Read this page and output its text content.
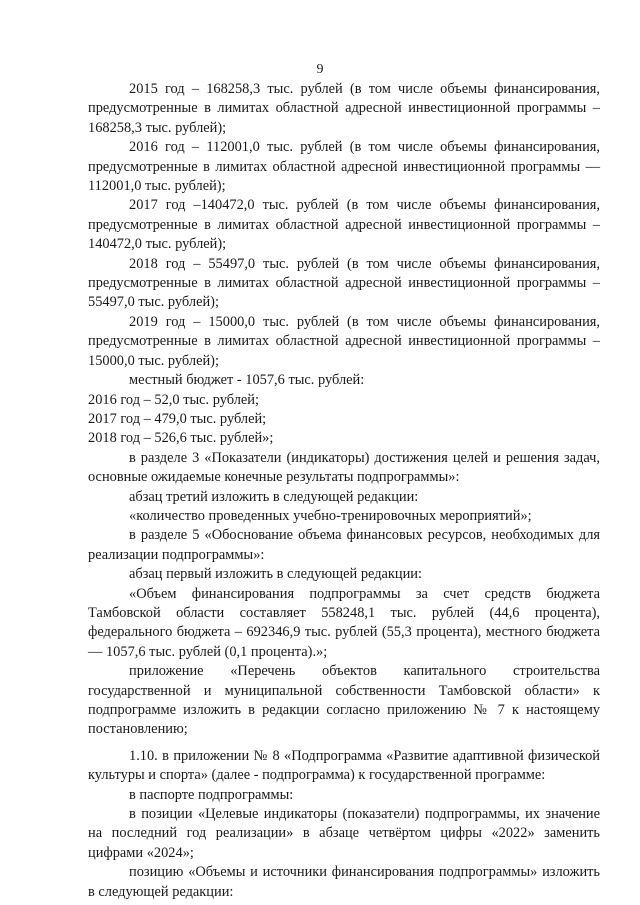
9

2015 год – 168258,3 тыс. рублей (в том числе объемы финансирования, предусмотренные в лимитах областной адресной инвестиционной программы – 168258,3 тыс. рублей);

2016 год – 112001,0 тыс. рублей (в том числе объемы финансирования, предусмотренные в лимитах областной адресной инвестиционной программы — 112001,0 тыс. рублей);

2017 год –140472,0 тыс. рублей (в том числе объемы финансирования, предусмотренные в лимитах областной адресной инвестиционной программы – 140472,0 тыс. рублей);

2018 год – 55497,0 тыс. рублей (в том числе объемы финансирования, предусмотренные в лимитах областной адресной инвестиционной программы – 55497,0 тыс. рублей);

2019 год – 15000,0 тыс. рублей (в том числе объемы финансирования, предусмотренные в лимитах областной адресной инвестиционной программы – 15000,0 тыс. рублей);

местный бюджет - 1057,6 тыс. рублей:

2016 год – 52,0 тыс. рублей;

2017 год – 479,0 тыс. рублей;

2018 год – 526,6 тыс. рублей»;

в разделе 3 «Показатели (индикаторы) достижения целей и решения задач, основные ожидаемые конечные результаты подпрограммы»:

абзац третий изложить в следующей редакции:

«количество проведенных учебно-тренировочных мероприятий»;

в разделе 5 «Обоснование объема финансовых ресурсов, необходимых для реализации подпрограммы»:

абзац первый изложить в следующей редакции:

«Объем финансирования подпрограммы за счет средств бюджета Тамбовской области составляет 558248,1 тыс. рублей (44,6 процента), федерального бюджета – 692346,9 тыс. рублей (55,3 процента), местного бюджета — 1057,6 тыс. рублей (0,1 процента).»;

приложение «Перечень объектов капитального строительства государственной и муниципальной собственности Тамбовской области» к подпрограмме изложить в редакции согласно приложению № 7 к настоящему постановлению;

1.10. в приложении № 8 «Подпрограмма «Развитие адаптивной физической культуры и спорта» (далее - подпрограмма) к государственной программе:

в паспорте подпрограммы:

в позиции «Целевые индикаторы (показатели) подпрограммы, их значение на последний год реализации» в абзаце четвёртом цифры «2022» заменить цифрами «2024»;

позицию «Объемы и источники финансирования подпрограммы» изложить в следующей редакции:
